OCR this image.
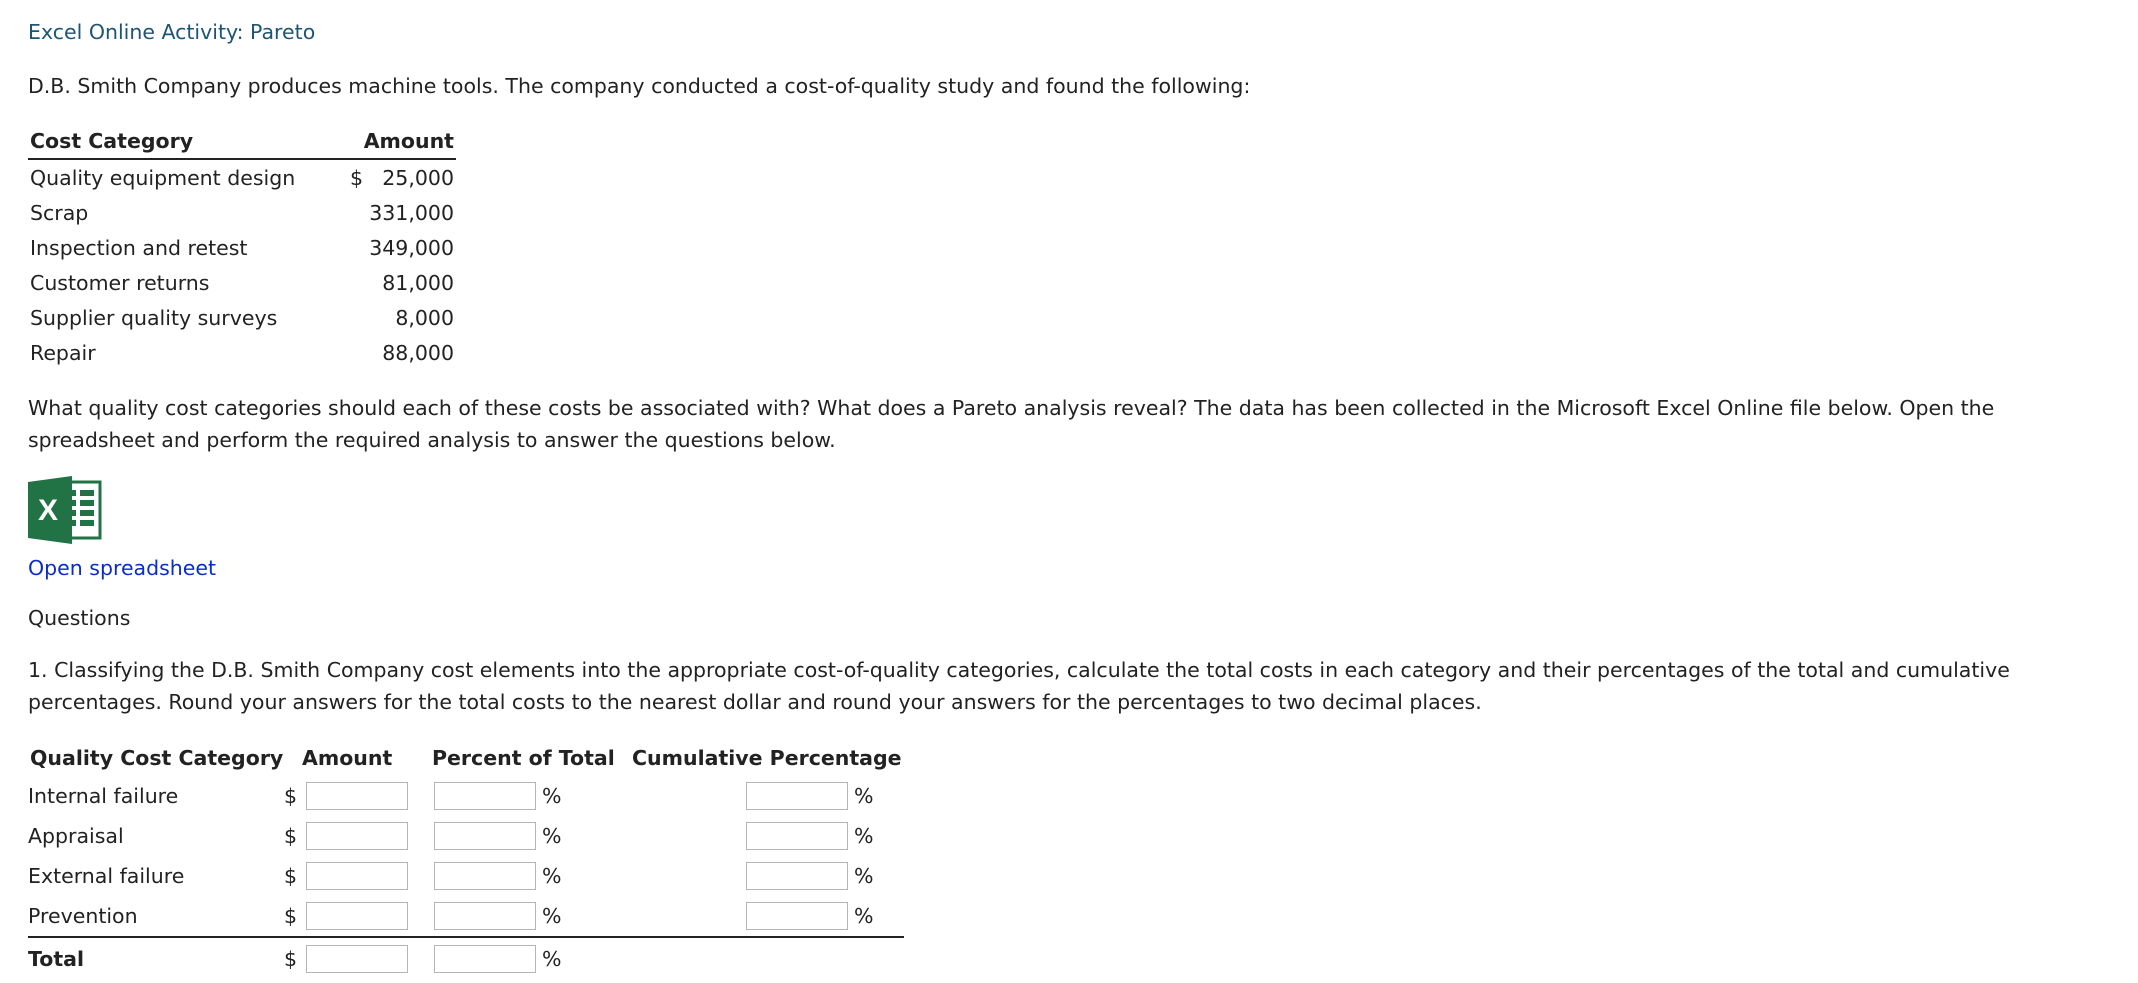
Excel Online Activity: Pareto
D.B. Smith Company produces machine tools. The company conducted a cost-of-quality study and found the following:
Cost Category	Amount
Quality equipment design	$ 25,000
Scrap	331,000
Inspection and retest	349,000
Customer returns	81,000
Supplier quality surveys	8,000
Repair	88,000
What quality cost categories should each of these costs be associated with? What does a Pareto analysis reveal? The data has been collected in the Microsoft Excel Online file below. Open the spreadsheet and perform the required analysis to answer the questions below.
X
Open spreadsheet
Questions
1. Classifying the D.B. Smith Company cost elements into the appropriate cost-of-quality categories, calculate the total costs in each category and their percentages of the total and cumulative percentages. Round your answers for the total costs to the nearest dollar and round your answers for the percentages to two decimal places.
Quality Cost Category	Amount	Percent of Total	Cumulative Percentage
Internal failure	$	%	%
Appraisal	$	%	%
External failure	$	%	%
Prevention	$	%	%
Total	$	%	
